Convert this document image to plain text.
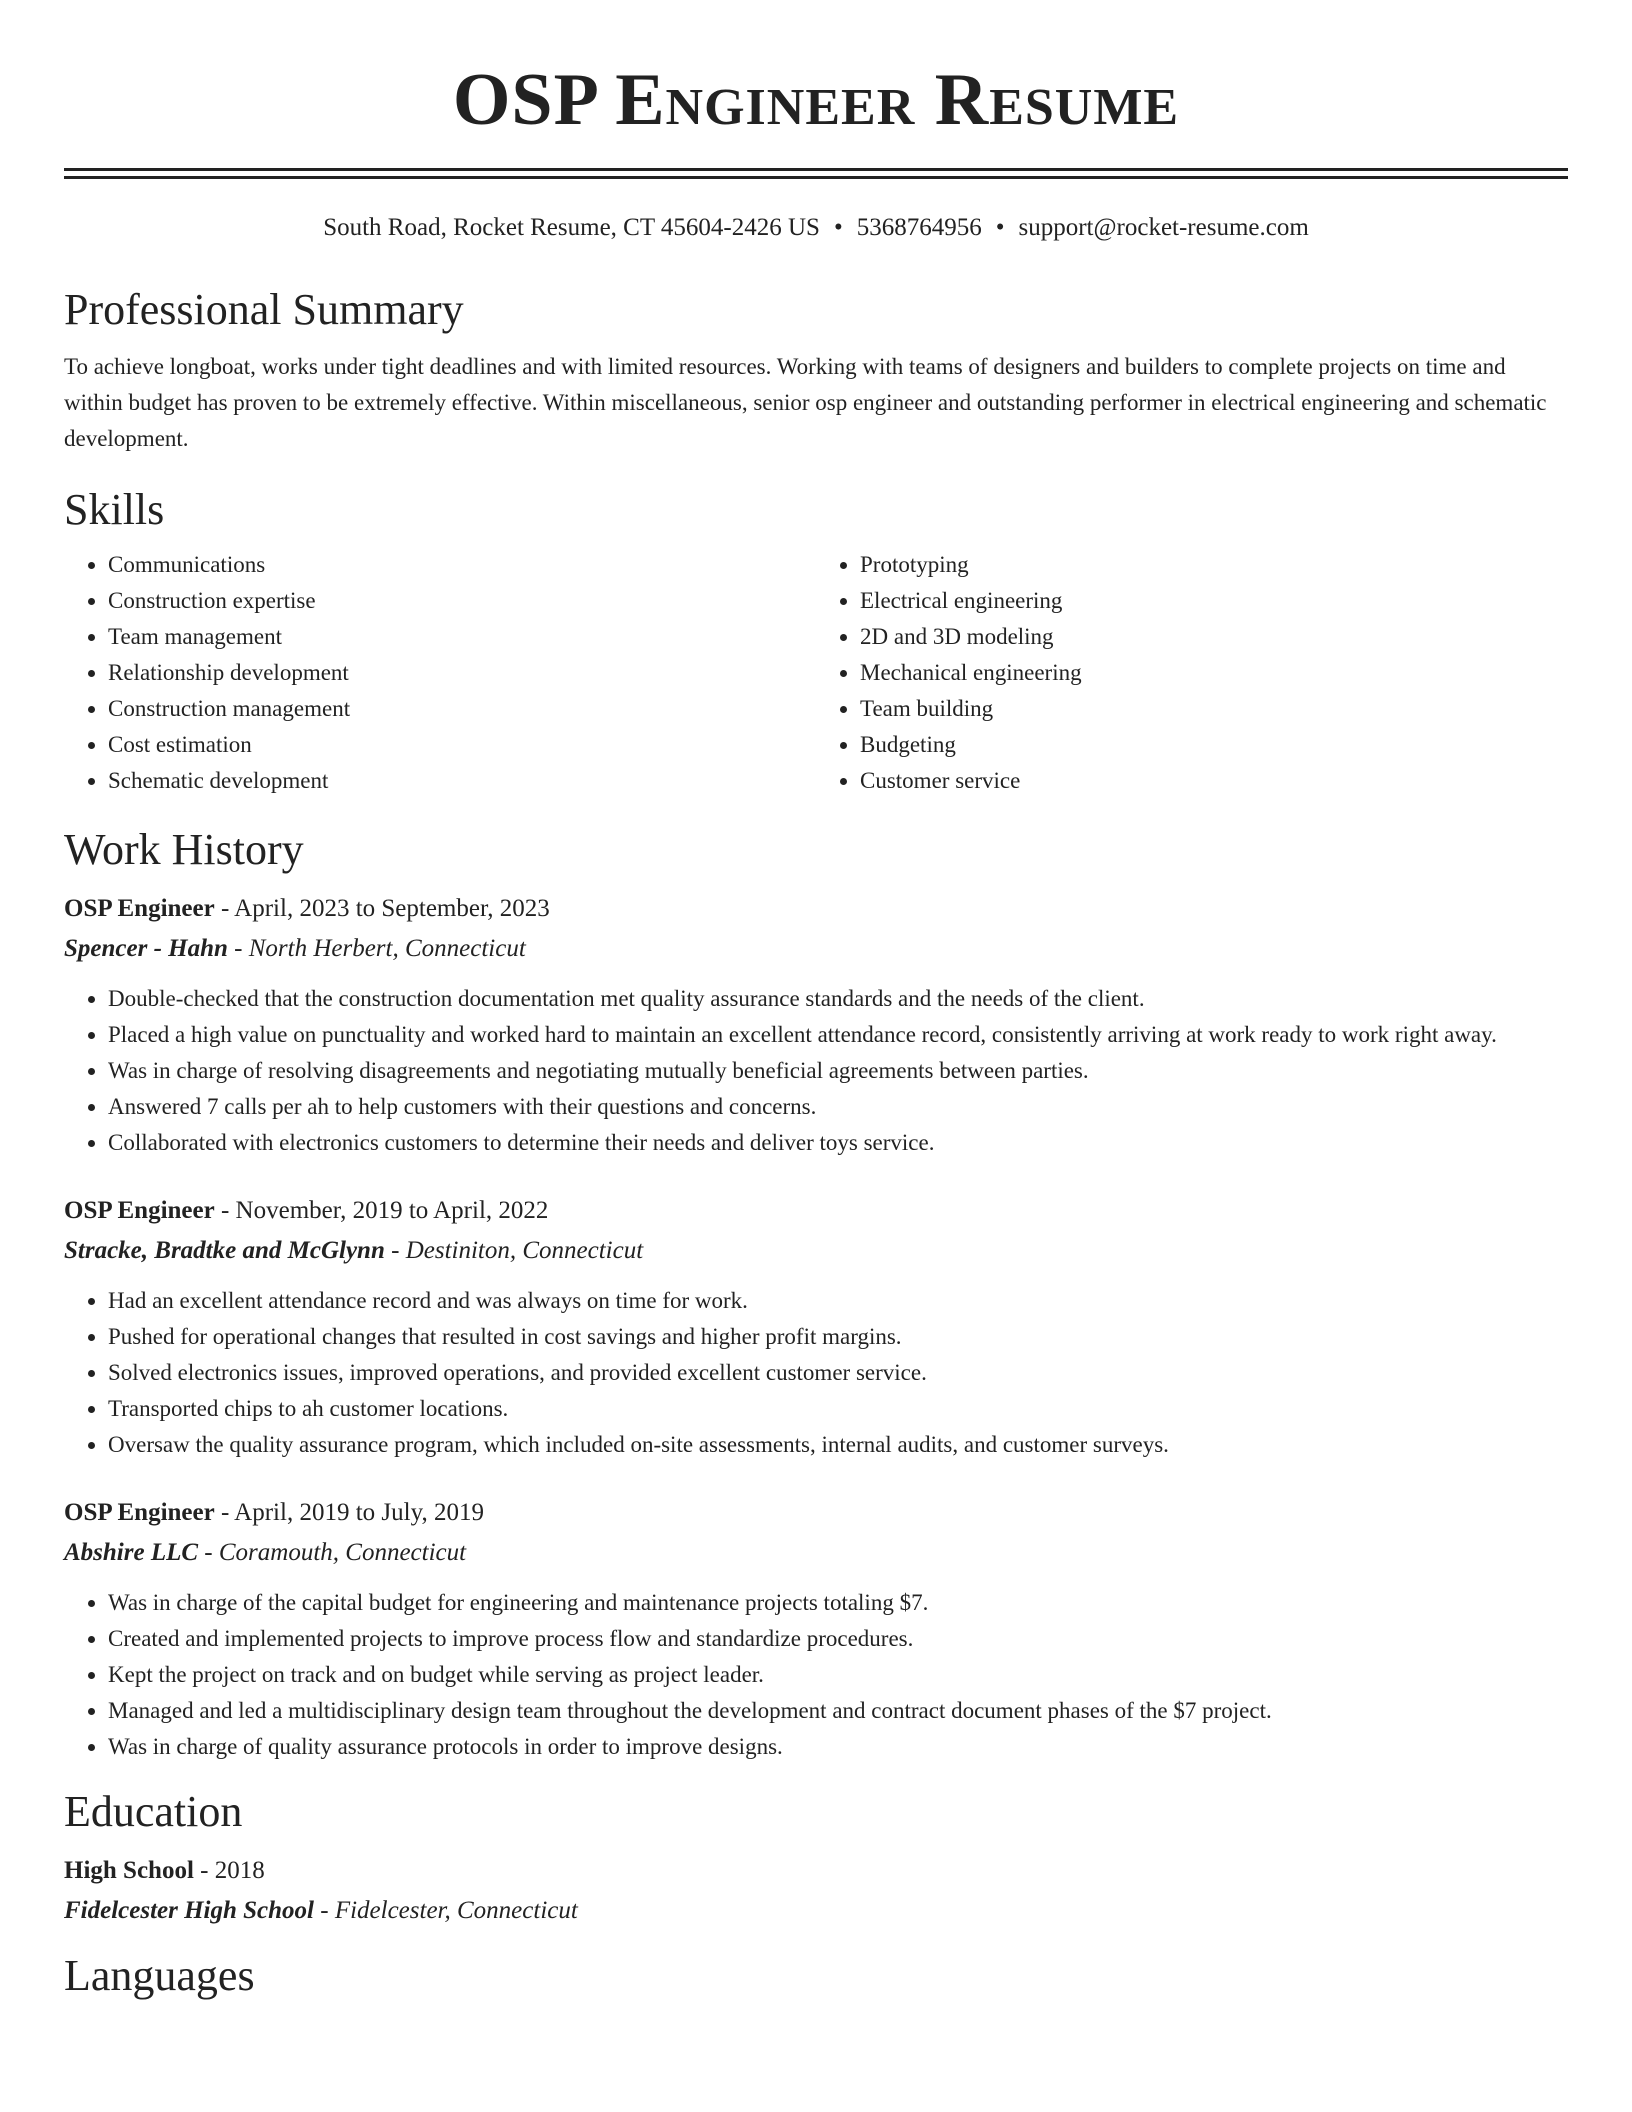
OSP Engineer Resume
South Road, Rocket Resume, CT 45604-2426 US • 5368764956 • support@rocket-resume.com
Professional Summary

To achieve longboat, works under tight deadlines and with limited resources. Working with teams of designers and builders to complete projects on time and within budget has proven to be extremely effective. Within miscellaneous, senior osp engineer and outstanding performer in electrical engineering and schematic development.

Skills
• Communications
• Construction expertise
• Team management
• Relationship development
• Construction management
• Cost estimation
• Schematic development
• Prototyping
• Electrical engineering
• 2D and 3D modeling
• Mechanical engineering
• Team building
• Budgeting
• Customer service
Work History
OSP Engineer - April, 2023 to September, 2023
Spencer - Hahn - North Herbert, Connecticut
• Double-checked that the construction documentation met quality assurance standards and the needs of the client.
• Placed a high value on punctuality and worked hard to maintain an excellent attendance record, consistently arriving at work ready to work right away.
• Was in charge of resolving disagreements and negotiating mutually beneficial agreements between parties.
• Answered 7 calls per ah to help customers with their questions and concerns.
• Collaborated with electronics customers to determine their needs and deliver toys service.
OSP Engineer - November, 2019 to April, 2022
Stracke, Bradtke and McGlynn - Destiniton, Connecticut
• Had an excellent attendance record and was always on time for work.
• Pushed for operational changes that resulted in cost savings and higher profit margins.
• Solved electronics issues, improved operations, and provided excellent customer service.
• Transported chips to ah customer locations.
• Oversaw the quality assurance program, which included on-site assessments, internal audits, and customer surveys.
OSP Engineer - April, 2019 to July, 2019
Abshire LLC - Coramouth, Connecticut
• Was in charge of the capital budget for engineering and maintenance projects totaling $7.
• Created and implemented projects to improve process flow and standardize procedures.
• Kept the project on track and on budget while serving as project leader.
• Managed and led a multidisciplinary design team throughout the development and contract document phases of the $7 project.
• Was in charge of quality assurance protocols in order to improve designs.
Education
High School - 2018
Fidelcester High School - Fidelcester, Connecticut
Languages
